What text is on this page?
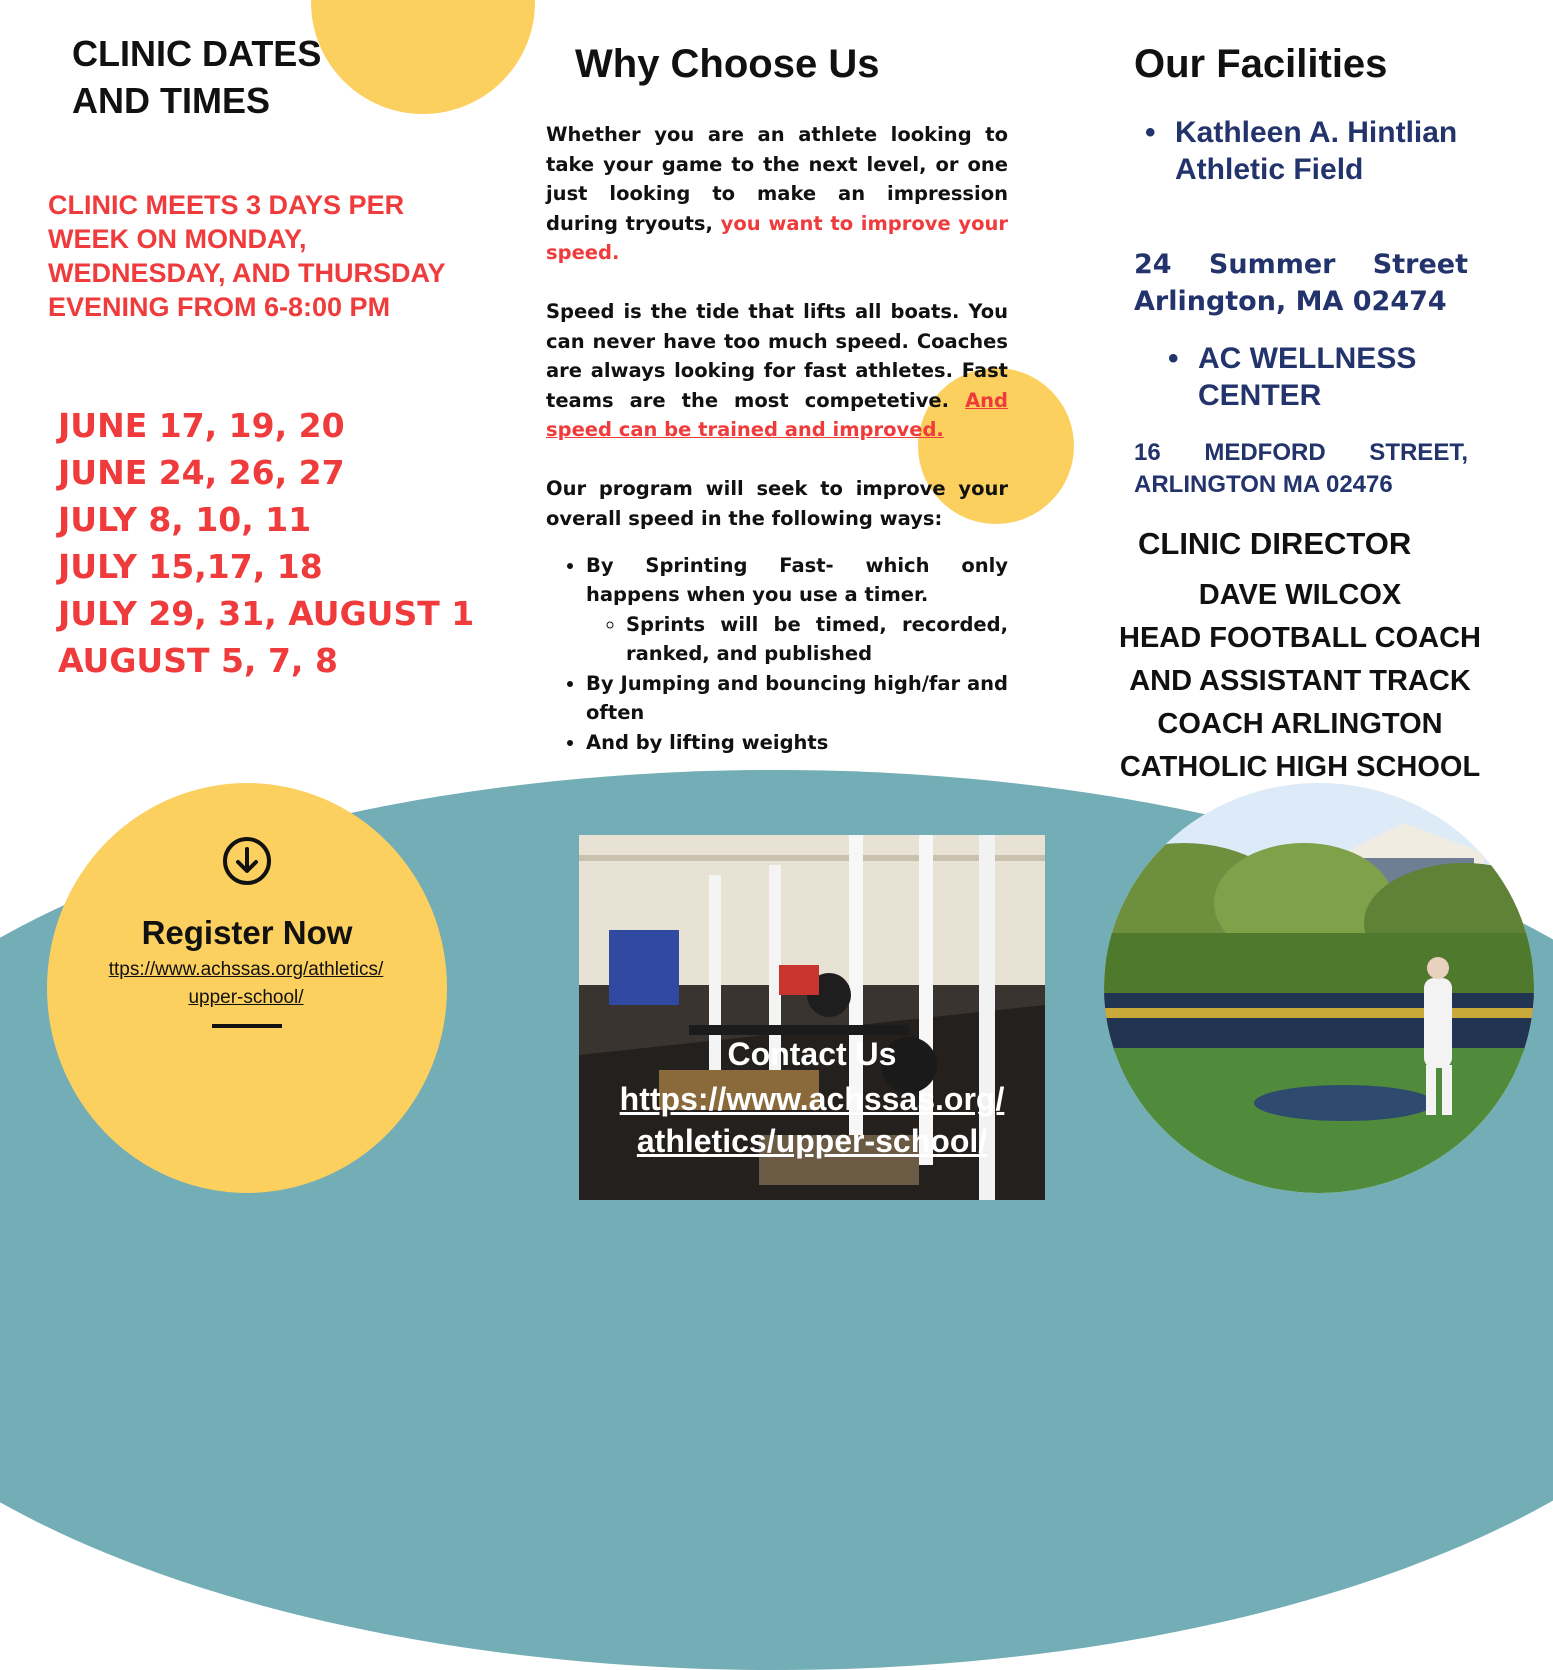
CLINIC DATES AND TIMES
CLINIC MEETS 3 DAYS PER WEEK ON MONDAY, WEDNESDAY, AND THURSDAY EVENING FROM 6-8:00 PM
JUNE 17, 19, 20
JUNE 24, 26, 27
JULY 8, 10, 11
JULY 15,17, 18
JULY 29, 31, AUGUST 1
AUGUST 5, 7, 8
Register Now
ttps://www.achssas.org/athletics/
upper-school/
Why Choose Us

Whether you are an athlete looking to take your game to the next level, or one just looking to make an impression during tryouts, you want to improve your speed.

Speed is the tide that lifts all boats. You can never have too much speed. Coaches are always looking for fast athletes. Fast teams are the most competetive. And speed can be trained and improved.

Our program will seek to improve your overall speed in the following ways:

• By Sprinting Fast- which only happens when you use a timer.
◦ Sprints will be timed, recorded, ranked, and published
• By Jumping and bouncing high/far and often
• And by lifting weights
Contact Us
https://www.achssas.org/
athletics/upper-school/
Our Facilities
• Kathleen A. Hintlian Athletic Field
24 Summer Street
Arlington, MA 02474
• AC WELLNESS CENTER
16 MEDFORD STREET,
ARLINGTON MA 02476
CLINIC DIRECTOR
DAVE WILCOX
HEAD FOOTBALL COACH AND ASSISTANT TRACK COACH ARLINGTON CATHOLIC HIGH SCHOOL
